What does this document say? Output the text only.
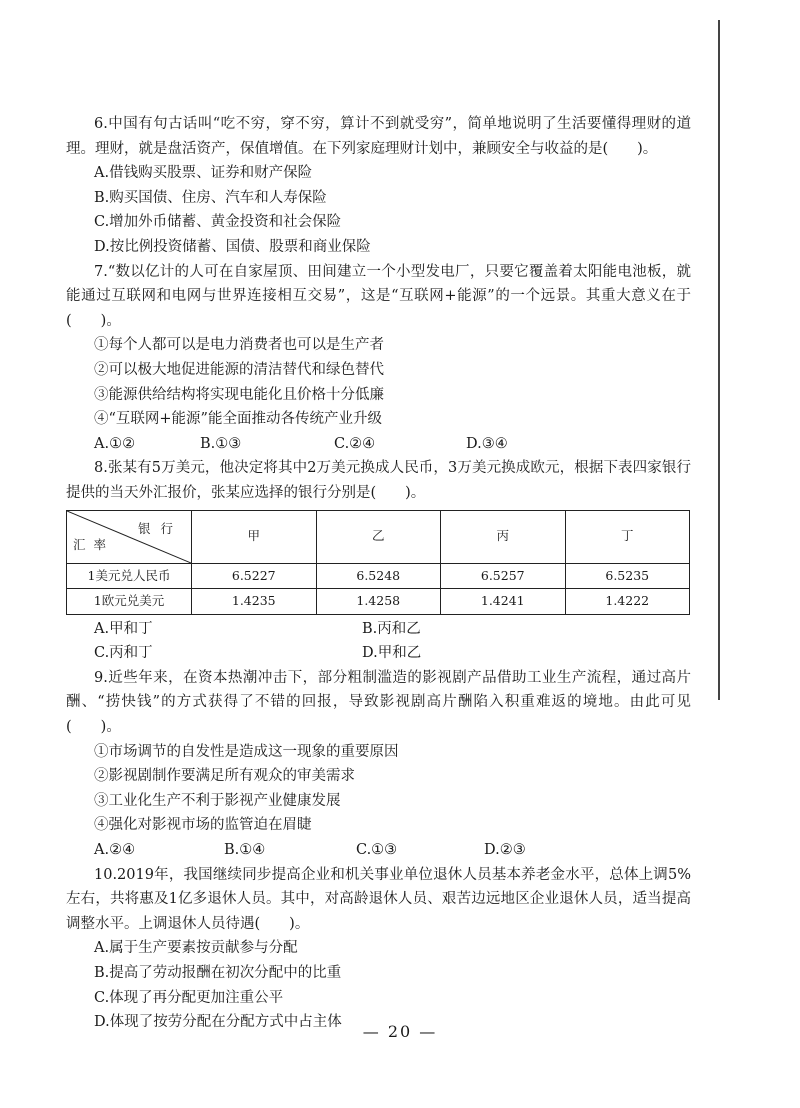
6.中国有句古话叫“吃不穷，穿不穷，算计不到就受穷”，简单地说明了生活要懂得理财的道理。理财，就是盘活资产，保值增值。在下列家庭理财计划中，兼顾安全与收益的是(　　)。

A.借钱购买股票、证券和财产保险

B.购买国债、住房、汽车和人寿保险

C.增加外币储蓄、黄金投资和社会保险

D.按比例投资储蓄、国债、股票和商业保险

7.“数以亿计的人可在自家屋顶、田间建立一个小型发电厂，只要它覆盖着太阳能电池板，就能通过互联网和电网与世界连接相互交易”，这是“互联网+能源”的一个远景。其重大意义在于(　　)。

①每个人都可以是电力消费者也可以是生产者

②可以极大地促进能源的清洁替代和绿色替代

③能源供给结构将实现电能化且价格十分低廉

④“互联网+能源”能全面推动各传统产业升级

A.①②	B.①③	C.②④	D.③④

8.张某有5万美元，他决定将其中2万美元换成人民币，3万美元换成欧元，根据下表四家银行提供的当天外汇报价，张某应选择的银行分别是(　　)。

银行
汇率	甲	乙	丙	丁
1美元兑人民币	6.5227	6.5248	6.5257	6.5235
1欧元兑美元	1.4235	1.4258	1.4241	1.4222
A.甲和丁	B.丙和乙
C.丙和丁	D.甲和乙

9.近些年来，在资本热潮冲击下，部分粗制滥造的影视剧产品借助工业生产流程，通过高片酬、“捞快钱”的方式获得了不错的回报，导致影视剧高片酬陷入积重难返的境地。由此可见(　　)。

①市场调节的自发性是造成这一现象的重要原因

②影视剧制作要满足所有观众的审美需求

③工业化生产不利于影视产业健康发展

④强化对影视市场的监管迫在眉睫

A.②④	B.①④	C.①③	D.②③

10.2019年，我国继续同步提高企业和机关事业单位退休人员基本养老金水平，总体上调5%左右，共将惠及1亿多退休人员。其中，对高龄退休人员、艰苦边远地区企业退休人员，适当提高调整水平。上调退休人员待遇(　　)。

A.属于生产要素按贡献参与分配

B.提高了劳动报酬在初次分配中的比重

C.体现了再分配更加注重公平

D.体现了按劳分配在分配方式中占主体	— 20 —
